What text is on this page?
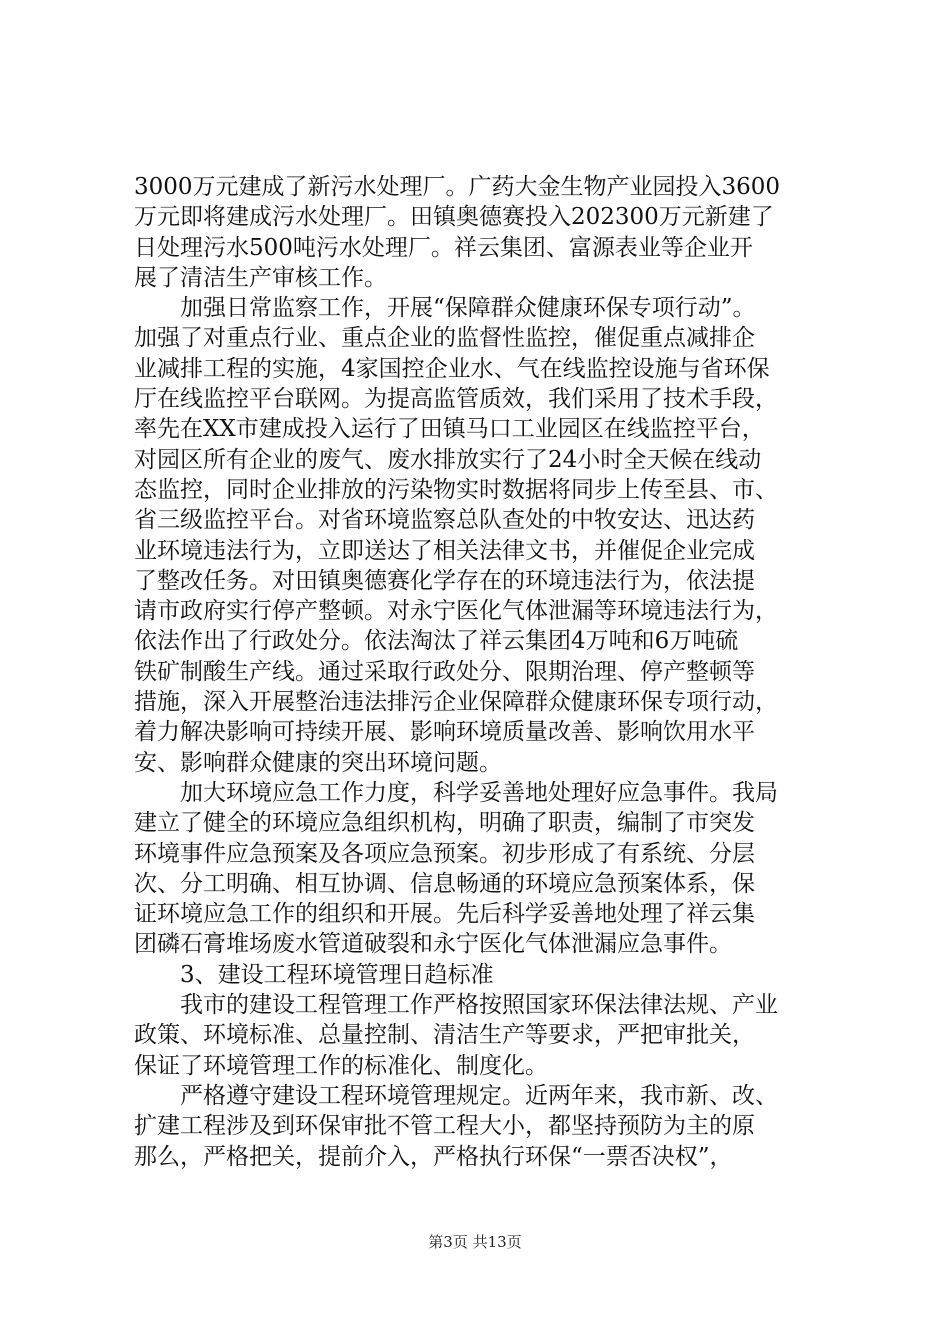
3000万元建成了新污水处理厂。广药大金生物产业园投入3600
万元即将建成污水处理厂。田镇奥德赛投入202300万元新建了
日处理污水500吨污水处理厂。祥云集团、富源表业等企业开
展了清洁生产审核工作。
加强日常监察工作，开展“保障群众健康环保专项行动”。
加强了对重点行业、重点企业的监督性监控，催促重点减排企
业减排工程的实施，4家国控企业水、气在线监控设施与省环保
厅在线监控平台联网。为提高监管质效，我们采用了技术手段，
率先在XX市建成投入运行了田镇马口工业园区在线监控平台，
对园区所有企业的废气、废水排放实行了24小时全天候在线动
态监控，同时企业排放的污染物实时数据将同步上传至县、市、
省三级监控平台。对省环境监察总队查处的中牧安达、迅达药
业环境违法行为，立即送达了相关法律文书，并催促企业完成
了整改任务。对田镇奥德赛化学存在的环境违法行为，依法提
请市政府实行停产整顿。对永宁医化气体泄漏等环境违法行为，
依法作出了行政处分。依法淘汰了祥云集团4万吨和6万吨硫
铁矿制酸生产线。通过采取行政处分、限期治理、停产整顿等
措施，深入开展整治违法排污企业保障群众健康环保专项行动，
着力解决影响可持续开展、影响环境质量改善、影响饮用水平
安、影响群众健康的突出环境问题。
加大环境应急工作力度，科学妥善地处理好应急事件。我局
建立了健全的环境应急组织机构，明确了职责，编制了市突发
环境事件应急预案及各项应急预案。初步形成了有系统、分层
次、分工明确、相互协调、信息畅通的环境应急预案体系，保
证环境应急工作的组织和开展。先后科学妥善地处理了祥云集
团磷石膏堆场废水管道破裂和永宁医化气体泄漏应急事件。
3、建设工程环境管理日趋标准
我市的建设工程管理工作严格按照国家环保法律法规、产业
政策、环境标准、总量控制、清洁生产等要求，严把审批关，
保证了环境管理工作的标准化、制度化。
严格遵守建设工程环境管理规定。近两年来，我市新、改、
扩建工程涉及到环保审批不管工程大小，都坚持预防为主的原
那么，严格把关，提前介入，严格执行环保“一票否决权”，
第3页 共13页
